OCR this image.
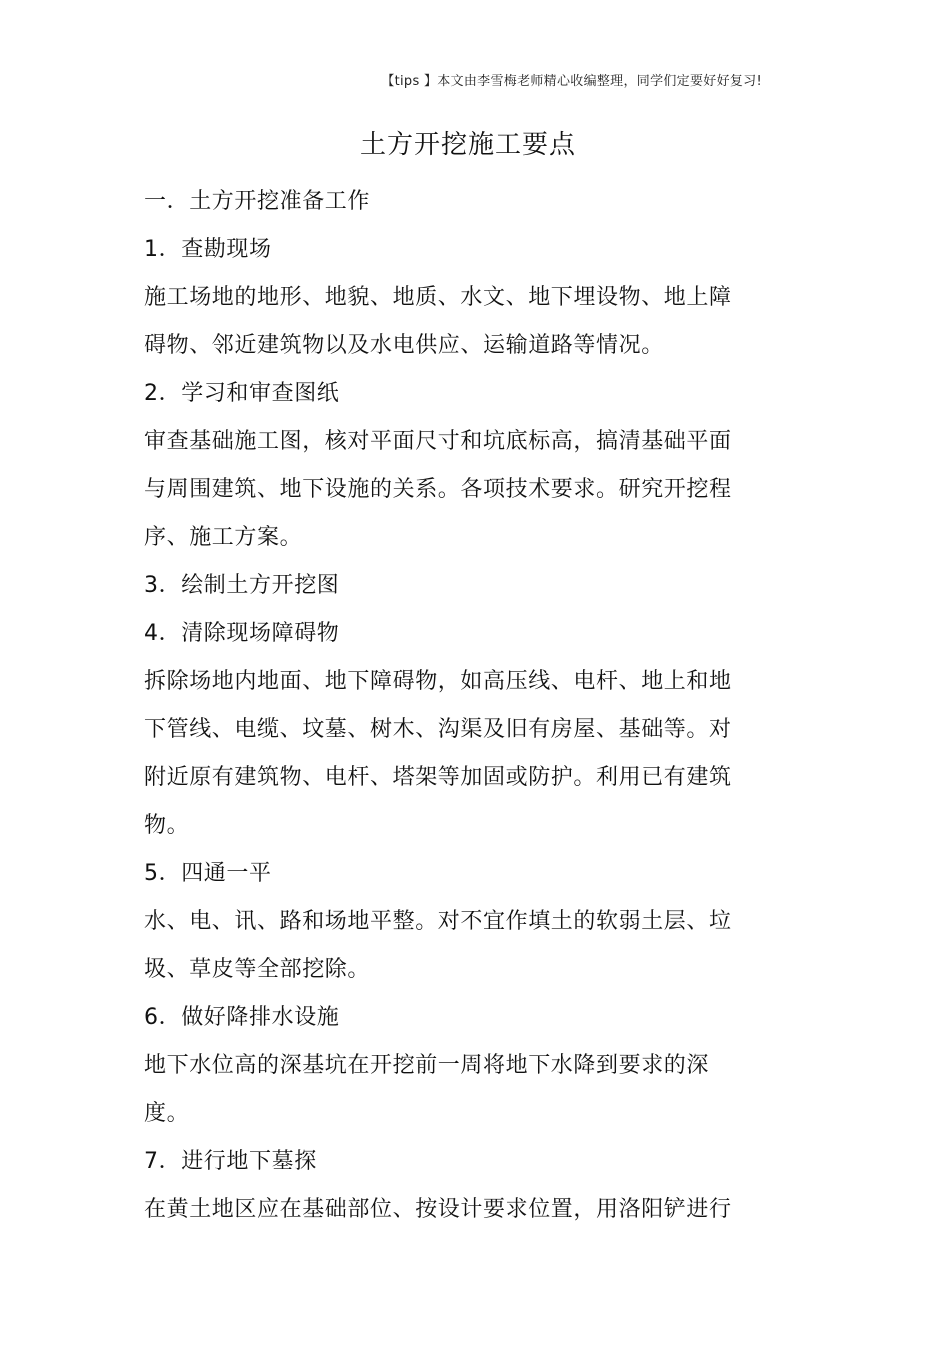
【tips 】本文由李雪梅老师精心收编整理，同学们定要好好复习!
土方开挖施工要点
一．土方开挖准备工作
1．查勘现场
施工场地的地形、地貌、地质、水文、地下埋设物、地上障
碍物、邻近建筑物以及水电供应、运输道路等情况。
2．学习和审查图纸
审查基础施工图，核对平面尺寸和坑底标高，搞清基础平面
与周围建筑、地下设施的关系。各项技术要求。研究开挖程
序、施工方案。
3．绘制土方开挖图
4．清除现场障碍物
拆除场地内地面、地下障碍物，如高压线、电杆、地上和地
下管线、电缆、坟墓、树木、沟渠及旧有房屋、基础等。对
附近原有建筑物、电杆、塔架等加固或防护。利用已有建筑
物。
5．四通一平
水、电、讯、路和场地平整。对不宜作填土的软弱土层、垃
圾、草皮等全部挖除。
6．做好降排水设施
地下水位高的深基坑在开挖前一周将地下水降到要求的深
度。
7．进行地下墓探
在黄土地区应在基础部位、按设计要求位置，用洛阳铲进行
